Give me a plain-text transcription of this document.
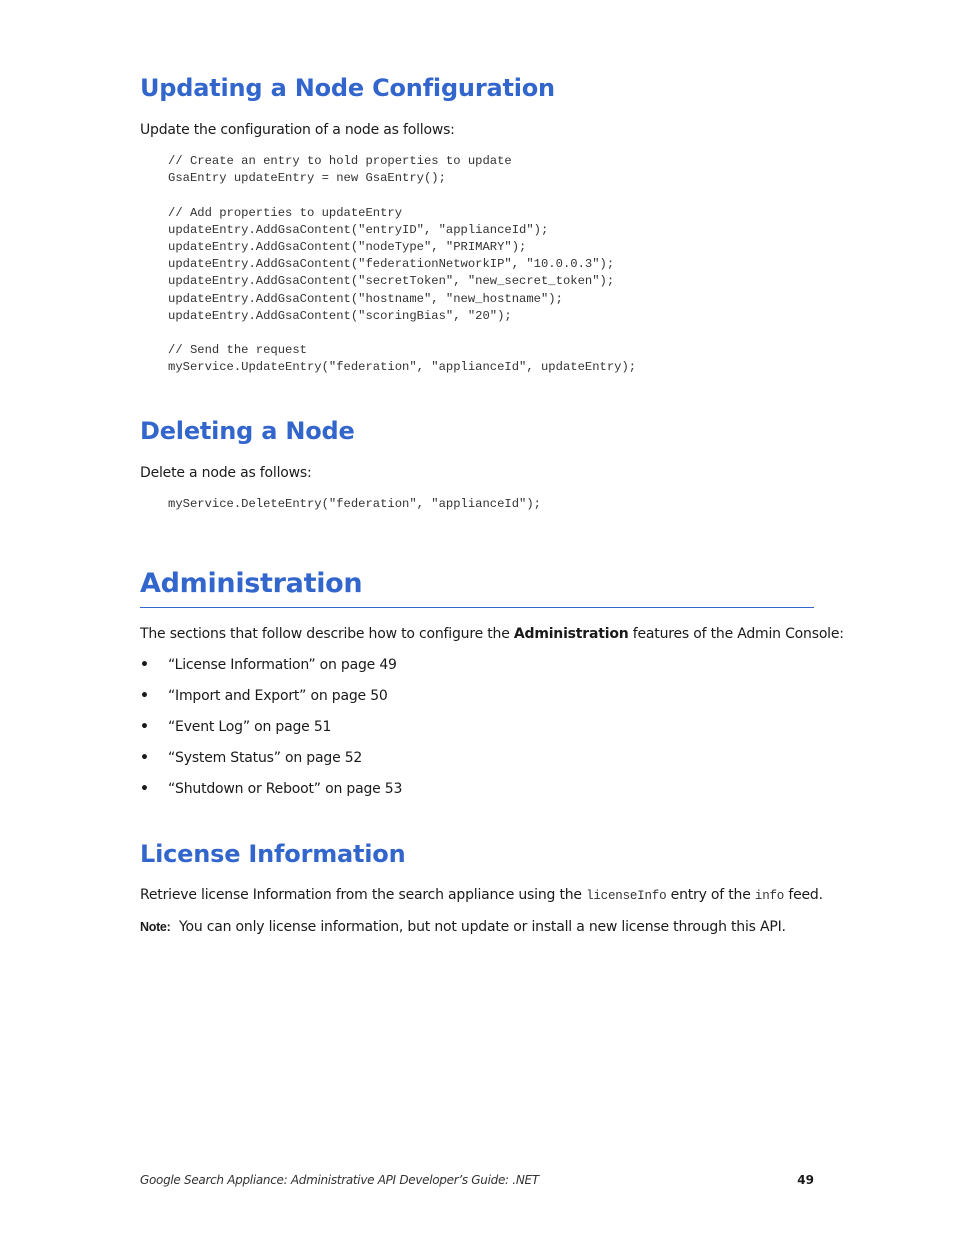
Updating a Node Configuration

Update the configuration of a node as follows:

// Create an entry to hold properties to update
GsaEntry updateEntry = new GsaEntry();

// Add properties to updateEntry
updateEntry.AddGsaContent("entryID", "applianceId");
updateEntry.AddGsaContent("nodeType", "PRIMARY");
updateEntry.AddGsaContent("federationNetworkIP", "10.0.0.3");
updateEntry.AddGsaContent("secretToken", "new_secret_token");
updateEntry.AddGsaContent("hostname", "new_hostname");
updateEntry.AddGsaContent("scoringBias", "20");

// Send the request
myService.UpdateEntry("federation", "applianceId", updateEntry);
Deleting a Node

Delete a node as follows:

myService.DeleteEntry("federation", "applianceId");
Administration

The sections that follow describe how to configure the Administration features of the Admin Console:

• “License Information” on page 49
• “Import and Export” on page 50
• “Event Log” on page 51
• “System Status” on page 52
• “Shutdown or Reboot” on page 53
License Information

Retrieve license Information from the search appliance using the licenseInfo entry of the info feed.

Note: You can only license information, but not update or install a new license through this API.

Google Search Appliance: Administrative API Developer’s Guide: .NET	49
